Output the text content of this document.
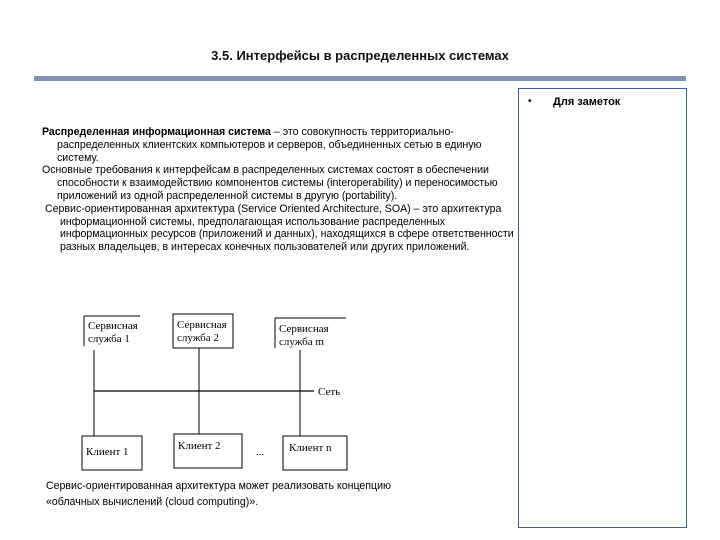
3.5. Интерфейсы в распределенных системах
• Для заметок

Распределенная информационная система – это совокупность территориально-распределенных клиентских компьютеров и серверов, объединенных сетью в единую систему.

Основные требования к интерфейсам в распределенных системах состоят в обеспечении способности к взаимодействию компонентов системы (interoperability) и переносимостью приложений из одной распределенной системы в другую (portability).

Сервис-ориентированная архитектура (Service Oriented Architecture, SOA) – это архитектура информационной системы, предполагающая использование распределенных информационных ресурсов (приложений и данных), находящихся в сфере ответственности разных владельцев, в интересах конечных пользователей или других приложений.

Сервисная
служба 1
Сервисная
служба 2
Сервисная
служба m
Сеть
Клиент 1	Клиент 2	... Клиент n
Сервис-ориентированная архитектура может реализовать концепцию
«облачных вычислений (cloud computing)».
